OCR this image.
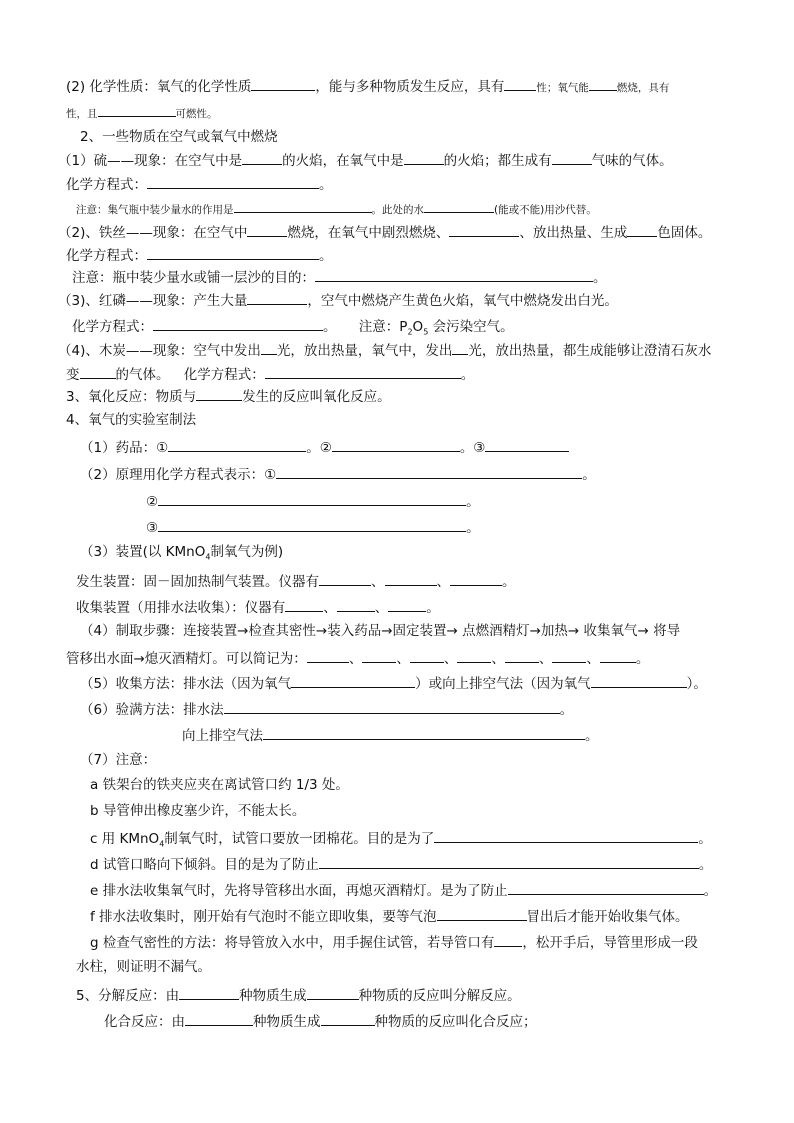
(2) 化学性质：氧气的化学性质	，能与多种物质发生反应，具有	性；氧气能	燃烧，具有
性，且	可燃性。
2、一些物质在空气或氧气中燃烧
（1）硫——现象：在空气中是	的火焰，在氧气中是	的火焰；都生成有	气味的气体。
化学方程式：	。
注意：集气瓶中装少量水的作用是	。此处的水	(能或不能)用沙代替。
（2)、铁丝——现象：在空气中	燃烧，在氧气中剧烈燃烧、	、放出热量、生成 色固体。
化学方程式：	。
注意：瓶中装少量水或铺一层沙的目的：	。
（3)、红磷——现象：产生大量	，空气中燃烧产生黄色火焰，氧气中燃烧发出白光。
化学方程式：	。 注意：$P_2O_5$ 会污染空气。
（4)、木炭——现象：空气中发出 光，放出热量，氧气中，发出 光，放出热量，都生成能够让澄清石灰水
变	的气体。 化学方程式：	。
3、氧化反应：物质与	发生的反应叫氧化反应。
4、氧气的实验室制法
（1）药品：①	。②	。③
（2）原理用化学方程式表示：①	。
②	。
③	。
（3）装置(以 KMnO$_4$制氧气为例)
发生装置：固－固加热制气装置。仪器有	、	、	。
收集装置（用排水法收集）：仪器有	、	、	。
（4）制取步骤：连接装置→检查其密性→装入药品→固定装置→ 点燃酒精灯→加热→ 收集氧气→ 将导
管移出水面→熄灭酒精灯。可以简记为：	、	、	、	、	、	、	。
（5）收集方法：排水法（因为氧气	）或向上排空气法（因为氧气	）。
（6）验满方法：排水法	。
向上排空气法	。
（7）注意：
a 铁架台的铁夹应夹在离试管口约 1/3 处。
b 导管伸出橡皮塞少许，不能太长。
c 用 KMnO$_4$制氧气时，试管口要放一团棉花。目的是为了	。
d 试管口略向下倾斜。目的是为了防止	。
e 排水法收集氧气时，先将导管移出水面，再熄灭酒精灯。是为了防止	。
f 排水法收集时，刚开始有气泡时不能立即收集，要等气泡	冒出后才能开始收集气体。
g 检查气密性的方法：将导管放入水中，用手握住试管，若导管口有 ，松开手后，导管里形成一段
水柱，则证明不漏气。
5、分解反应：由	种物质生成	种物质的反应叫分解反应。
化合反应：由	种物质生成	种物质的反应叫化合反应；
